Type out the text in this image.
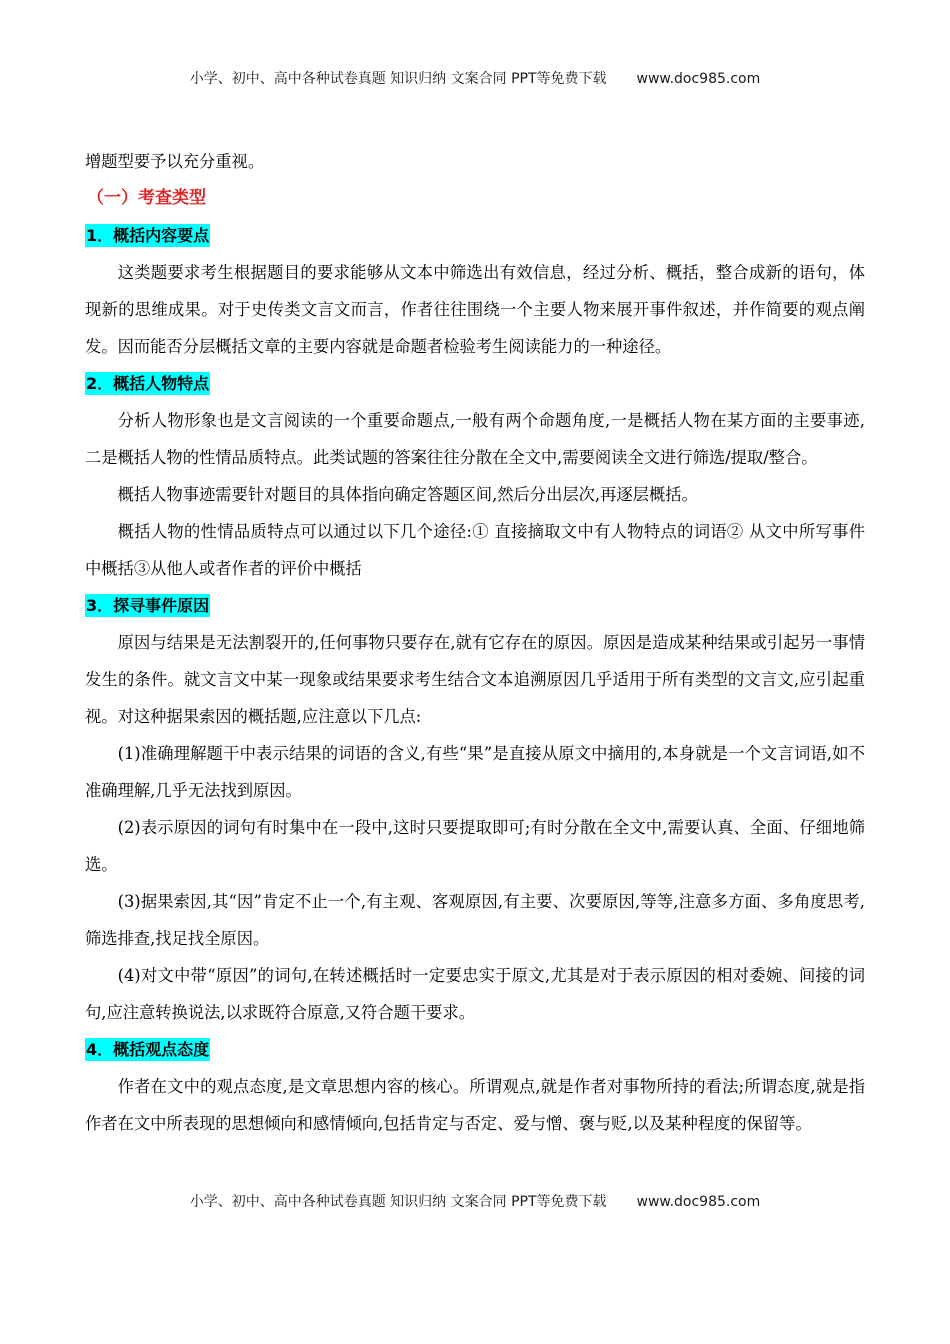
小学、初中、高中各种试卷真题 知识归纳 文案合同 PPT等免费下载 www.doc985.com

增题型要予以充分重视。

（一）考查类型

1．概括内容要点

这类题要求考生根据题目的要求能够从文本中筛选出有效信息，经过分析、概括，整合成新的语句，体现新的思维成果。对于史传类文言文而言，作者往往围绕一个主要人物来展开事件叙述，并作简要的观点阐发。因而能否分层概括文章的主要内容就是命题者检验考生阅读能力的一种途径。

2．概括人物特点

分析人物形象也是文言阅读的一个重要命题点,一般有两个命题角度,一是概括人物在某方面的主要事迹,二是概括人物的性情品质特点。此类试题的答案往往分散在全文中,需要阅读全文进行筛选/提取/整合。

概括人物事迹需要针对题目的具体指向确定答题区间,然后分出层次,再逐层概括。

概括人物的性情品质特点可以通过以下几个途径:① 直接摘取文中有人物特点的词语② 从文中所写事件中概括③从他人或者作者的评价中概括

3．探寻事件原因

原因与结果是无法割裂开的,任何事物只要存在,就有它存在的原因。原因是造成某种结果或引起另一事情发生的条件。就文言文中某一现象或结果要求考生结合文本追溯原因几乎适用于所有类型的文言文,应引起重视。对这种据果索因的概括题,应注意以下几点:

(1)准确理解题干中表示结果的词语的含义,有些“果”是直接从原文中摘用的,本身就是一个文言词语,如不准确理解,几乎无法找到原因。

(2)表示原因的词句有时集中在一段中,这时只要提取即可;有时分散在全文中,需要认真、全面、仔细地筛选。

(3)据果索因,其“因”肯定不止一个,有主观、客观原因,有主要、次要原因,等等,注意多方面、多角度思考,筛选排查,找足找全原因。

(4)对文中带“原因”的词句,在转述概括时一定要忠实于原文,尤其是对于表示原因的相对委婉、间接的词句,应注意转换说法,以求既符合原意,又符合题干要求。

4．概括观点态度

作者在文中的观点态度,是文章思想内容的核心。所谓观点,就是作者对事物所持的看法;所谓态度,就是指作者在文中所表现的思想倾向和感情倾向,包括肯定与否定、爱与憎、褒与贬,以及某种程度的保留等。

小学、初中、高中各种试卷真题 知识归纳 文案合同 PPT等免费下载 www.doc985.com
